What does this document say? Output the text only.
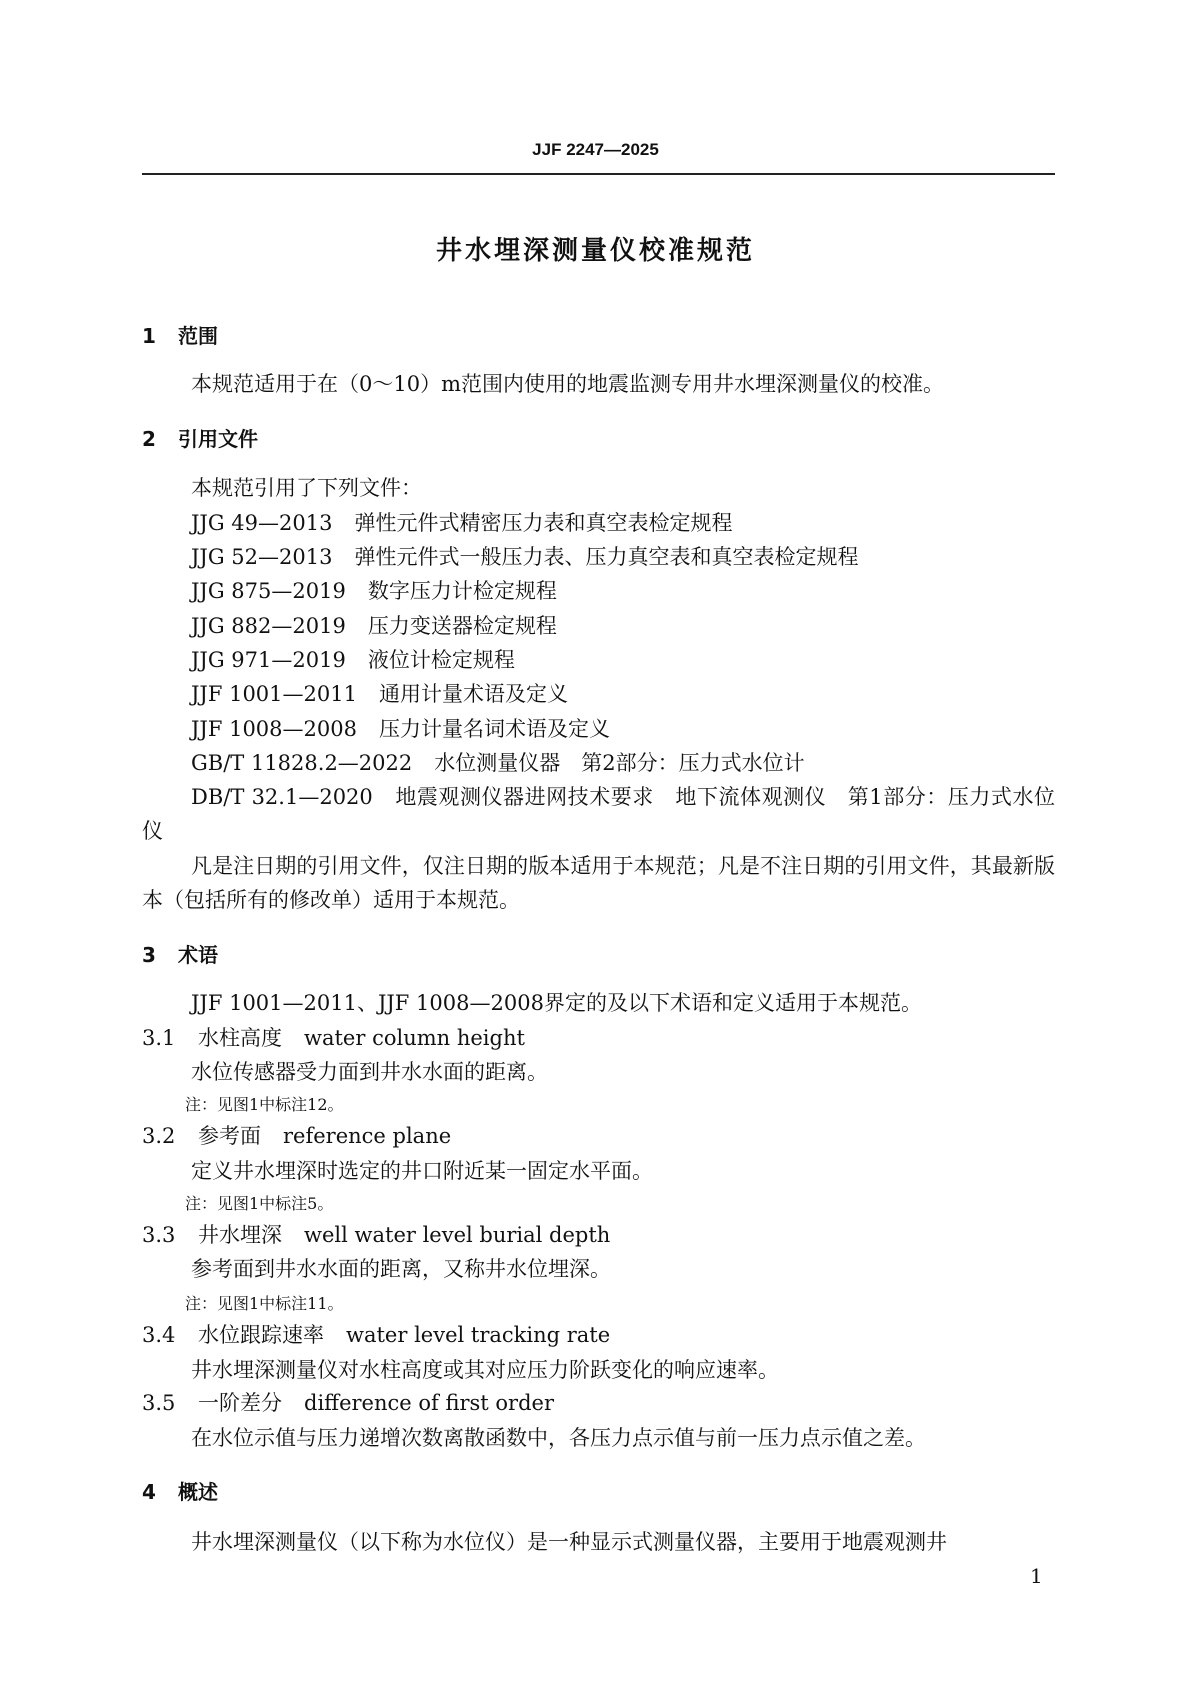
JJF 2247—2025
井水埋深测量仪校准规范
1 范围
本规范适用于在（0～10）m范围内使用的地震监测专用井水埋深测量仪的校准。
2 引用文件
本规范引用了下列文件：
JJG 49—2013 弹性元件式精密压力表和真空表检定规程
JJG 52—2013 弹性元件式一般压力表、压力真空表和真空表检定规程
JJG 875—2019 数字压力计检定规程
JJG 882—2019 压力变送器检定规程
JJG 971—2019 液位计检定规程
JJF 1001—2011 通用计量术语及定义
JJF 1008—2008 压力计量名词术语及定义
GB/T 11828.2—2022 水位测量仪器　第2部分：压力式水位计
DB/T 32.1—2020 地震观测仪器进网技术要求　地下流体观测仪　第1部分：压力式水位仪
凡是注日期的引用文件，仅注日期的版本适用于本规范；凡是不注日期的引用文件，其最新版本（包括所有的修改单）适用于本规范。
3 术语
JJF 1001—2011、JJF 1008—2008界定的及以下术语和定义适用于本规范。
3.1 水柱高度 water column height
水位传感器受力面到井水水面的距离。
注：见图1中标注12。
3.2 参考面 reference plane
定义井水埋深时选定的井口附近某一固定水平面。
注：见图1中标注5。
3.3 井水埋深 well water level burial depth
参考面到井水水面的距离，又称井水位埋深。
注：见图1中标注11。
3.4 水位跟踪速率 water level tracking rate
井水埋深测量仪对水柱高度或其对应压力阶跃变化的响应速率。
3.5 一阶差分 difference of first order
在水位示值与压力递增次数离散函数中，各压力点示值与前一压力点示值之差。
4 概述
井水埋深测量仪（以下称为水位仪）是一种显示式测量仪器，主要用于地震观测井
1
